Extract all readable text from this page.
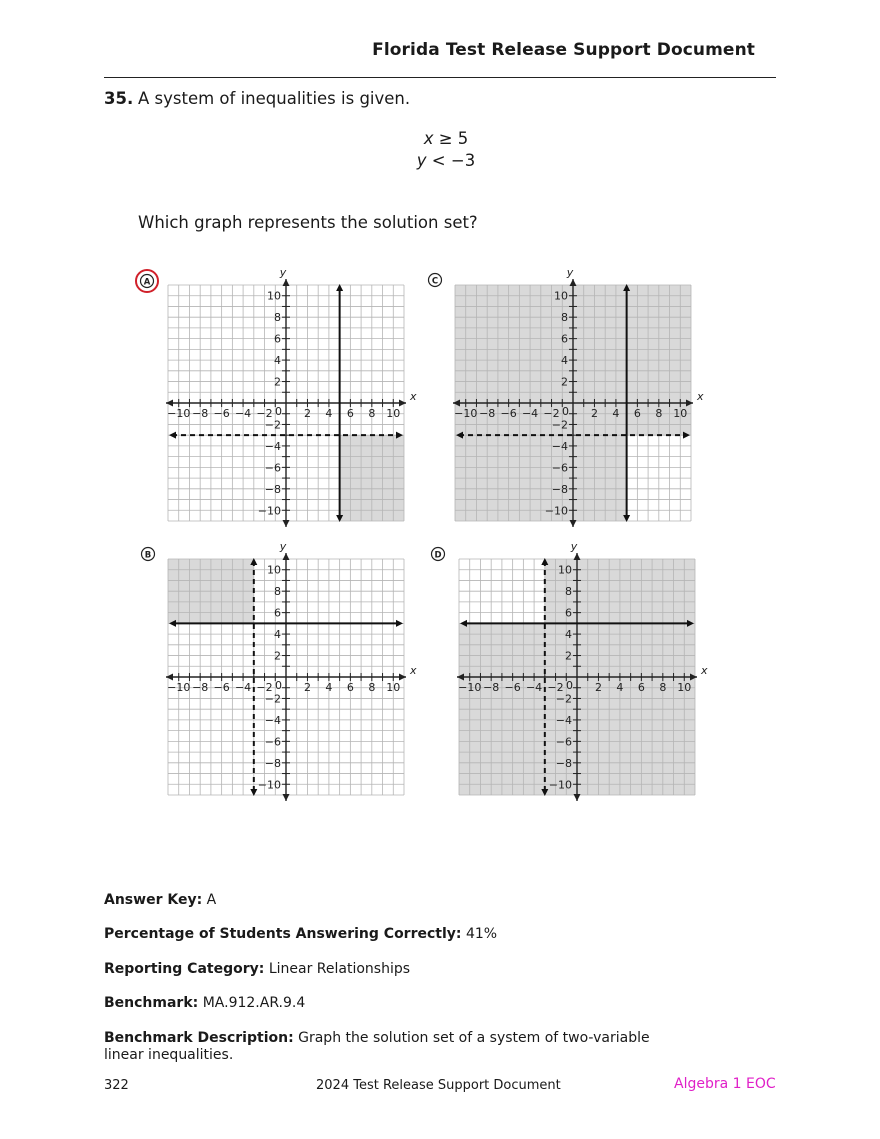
Florida Test Release Support Document
35. A system of inequalities is given.
x ≥ 5
y < −3
Which graph represents the solution set?
−10
−10
−8
−8
−6
−6
−4
−4
−2
−2
2
2
4
4
6
6
8
8
10
10
0
x
y
A
−10
−10
−8
−8
−6
−6
−4
−4
−2
−2
2
2
4
4
6
6
8
8
10
10
0
x
y
B
−10
−10
−8
−8
−6
−6
−4
−4
−2
−2
2
2
4
4
6
6
8
8
10
10
0
x
y
C
−10
−10
−8
−8
−6
−6
−4
−4
−2
−2
2
2
4
4
6
6
8
8
10
10
0
x
y
D
Answer Key: A
Percentage of Students Answering Correctly: 41%
Reporting Category: Linear Relationships
Benchmark: MA.912.AR.9.4
Benchmark Description: Graph the solution set of a system of two-variable linear inequalities.
322	2024 Test Release Support Document	Algebra 1 EOC
